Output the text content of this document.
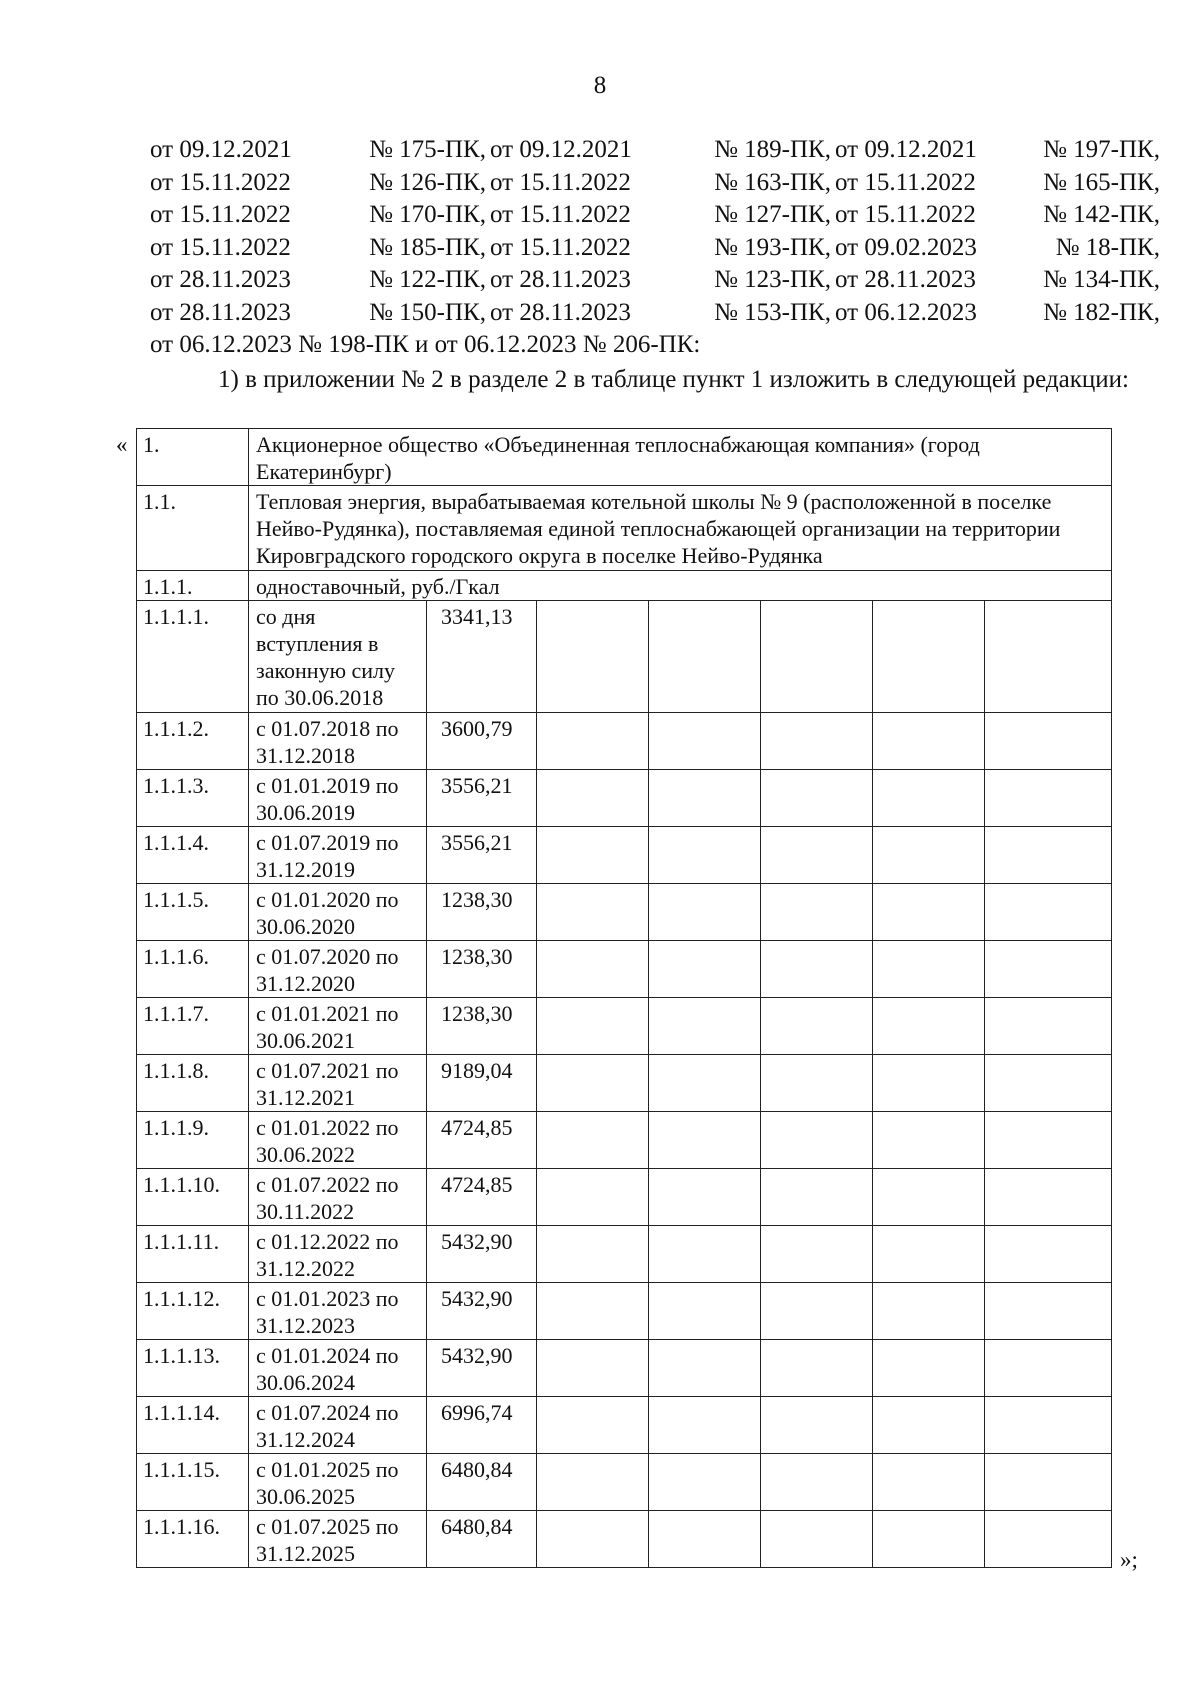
8
от 09.12.2021	№ 175-ПК, от 09.12.2021	№ 189-ПК, от 09.12.2021	№ 197-ПК,
от 15.11.2022	№ 126-ПК, от 15.11.2022	№ 163-ПК, от 15.11.2022	№ 165-ПК,
от 15.11.2022	№ 170-ПК, от 15.11.2022	№ 127-ПК, от 15.11.2022	№ 142-ПК,
от 15.11.2022	№ 185-ПК, от 15.11.2022	№ 193-ПК, от 09.02.2023	№ 18-ПК,
от 28.11.2023	№ 122-ПК, от 28.11.2023	№ 123-ПК, от 28.11.2023	№ 134-ПК,
от 28.11.2023	№ 150-ПК, от 28.11.2023	№ 153-ПК, от 06.12.2023	№ 182-ПК,
от 06.12.2023 № 198-ПК и от 06.12.2023 № 206-ПК:
1) в приложении № 2 в разделе 2 в таблице пункт 1 изложить в следующей редакции:
«
»;
1.	Акционерное общество «Объединенная теплоснабжающая компания» (город Екатеринбург)						
1.1.	Тепловая энергия, вырабатываемая котельной школы № 9 (расположенной в поселке Нейво-Рудянка), поставляемая единой теплоснабжающей организации на территории Кировградского городского округа в поселке Нейво-Рудянка						
1.1.1.	одноставочный, руб./Гкал						
1.1.1.1.	со дня вступления в законную силу по 30.06.2018	3341,13					
1.1.1.2.	с 01.07.2018 по 31.12.2018	3600,79					
1.1.1.3.	с 01.01.2019 по 30.06.2019	3556,21					
1.1.1.4.	с 01.07.2019 по 31.12.2019	3556,21					
1.1.1.5.	с 01.01.2020 по 30.06.2020	1238,30					
1.1.1.6.	с 01.07.2020 по 31.12.2020	1238,30					
1.1.1.7.	с 01.01.2021 по 30.06.2021	1238,30					
1.1.1.8.	с 01.07.2021 по 31.12.2021	9189,04					
1.1.1.9.	с 01.01.2022 по 30.06.2022	4724,85					
1.1.1.10.	с 01.07.2022 по 30.11.2022	4724,85					
1.1.1.11.	с 01.12.2022 по 31.12.2022	5432,90					
1.1.1.12.	с 01.01.2023 по 31.12.2023	5432,90					
1.1.1.13.	с 01.01.2024 по 30.06.2024	5432,90					
1.1.1.14.	с 01.07.2024 по 31.12.2024	6996,74					
1.1.1.15.	с 01.01.2025 по 30.06.2025	6480,84					
1.1.1.16.	с 01.07.2025 по 31.12.2025	6480,84					
